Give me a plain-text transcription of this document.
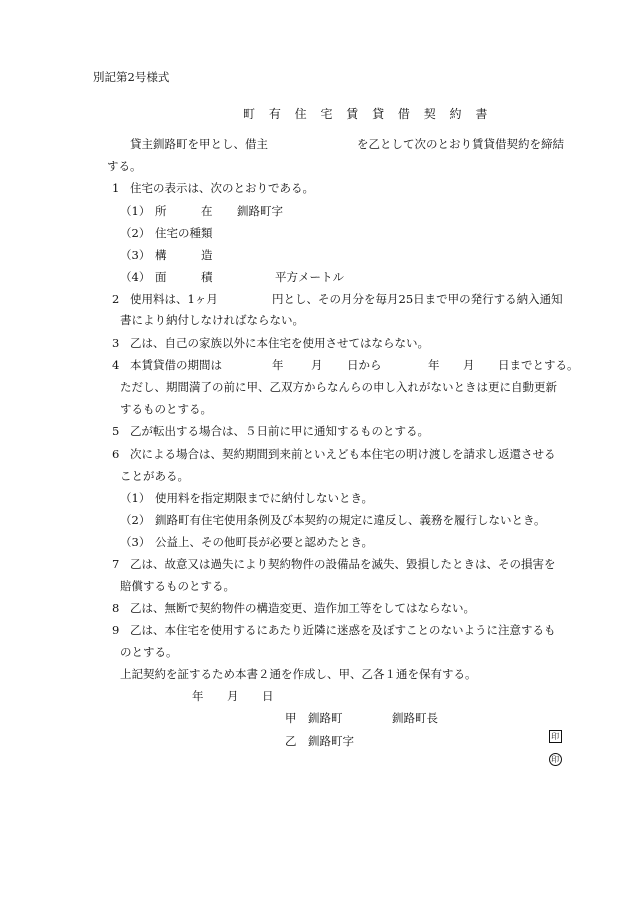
別記第2号様式
町 有 住 宅 賃 貸 借 契 約 書
貸主釧路町を甲とし、借主	を乙として次のとおり賃貸借契約を締結
する。
1 住宅の表示は、次のとおりである。
（1） 所　　　在 釧路町字
（2） 住宅の種類
（3） 構　　　造
（4） 面　　　積	平方メートル
2 使用料は、1ヶ月	円とし、その月分を毎月25日まで甲の発行する納入通知
書により納付しなければならない。
3 乙は、自己の家族以外に本住宅を使用させてはならない。
4 本賃貸借の期間は	年 月 日から	年 月 日までとする。
ただし、期間満了の前に甲、乙双方からなんらの申し入れがないときは更に自動更新
するものとする。
5 乙が転出する場合は、５日前に甲に通知するものとする。
6 次による場合は、契約期間到来前といえども本住宅の明け渡しを請求し返還させる
ことがある。
（1） 使用料を指定期限までに納付しないとき。
（2） 釧路町有住宅使用条例及び本契約の規定に違反し、義務を履行しないとき。
（3） 公益上、その他町長が必要と認めたとき。
7 乙は、故意又は過失により契約物件の設備品を滅失、毀損したときは、その損害を
賠償するものとする。
8 乙は、無断で契約物件の構造変更、造作加工等をしてはならない。
9 乙は、本住宅を使用するにあたり近隣に迷惑を及ぼすことのないように注意するも
のとする。
上記契約を証するため本書２通を作成し、甲、乙各１通を保有する。
年 月 日
甲 釧路町	釧路町長

印

乙 釧路町字

印
